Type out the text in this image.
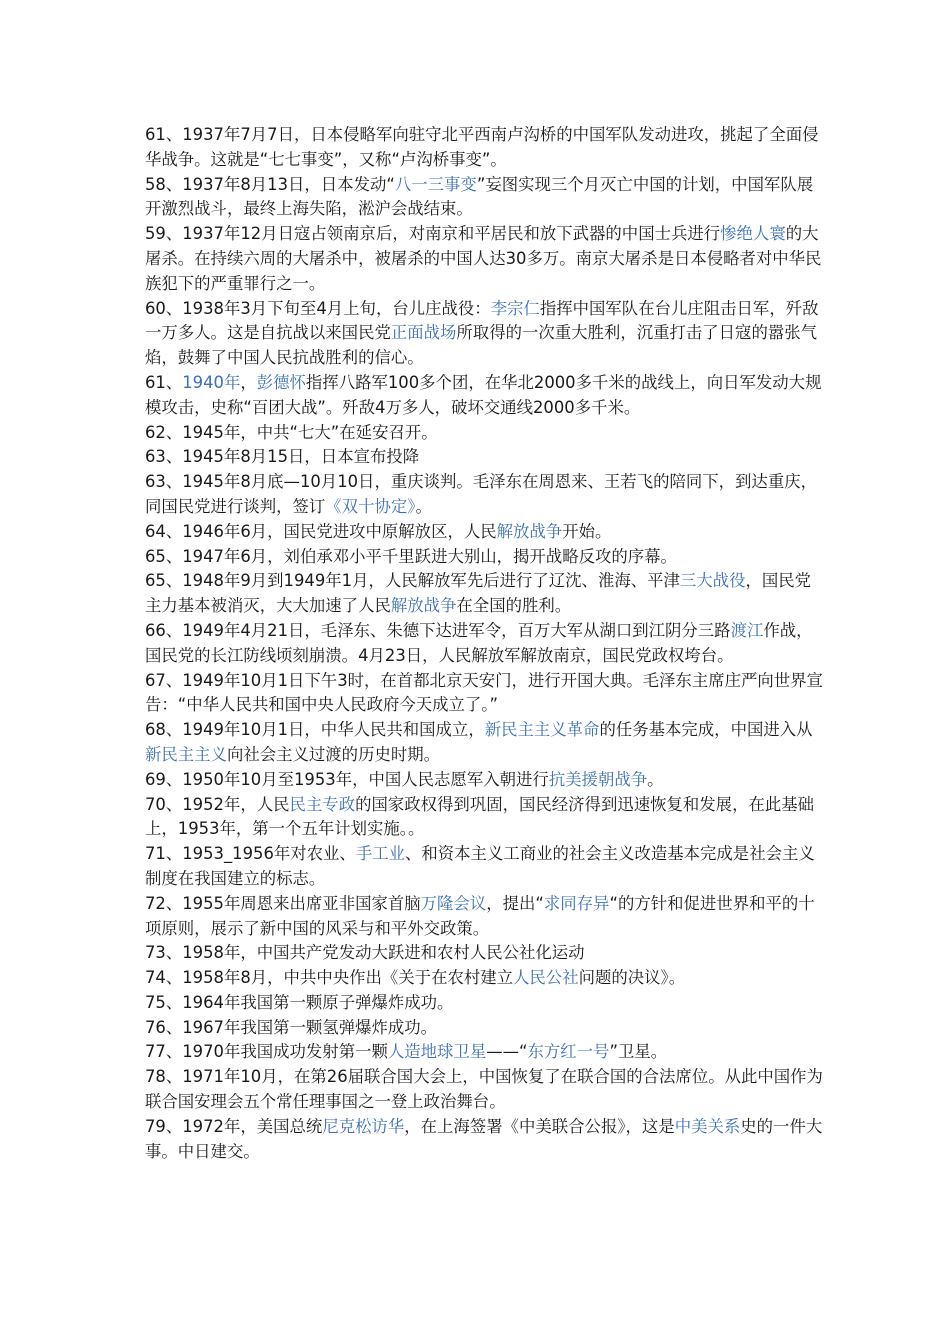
61、1937年7月7日，日本侵略军向驻守北平西南卢沟桥的中国军队发动进攻，挑起了全面侵华战争。这就是“七七事变”，又称“卢沟桥事变”。

58、1937年8月13日，日本发动“八一三事变”妄图实现三个月灭亡中国的计划，中国军队展开激烈战斗，最终上海失陷，淞沪会战结束。

59、1937年12月日寇占领南京后，对南京和平居民和放下武器的中国士兵进行惨绝人寰的大屠杀。在持续六周的大屠杀中，被屠杀的中国人达30多万。南京大屠杀是日本侵略者对中华民族犯下的严重罪行之一。

60、1938年3月下旬至4月上旬，台儿庄战役：李宗仁指挥中国军队在台儿庄阻击日军，歼敌一万多人。这是自抗战以来国民党正面战场所取得的一次重大胜利，沉重打击了日寇的嚣张气焰，鼓舞了中国人民抗战胜利的信心。

61、1940年，彭德怀指挥八路军100多个团，在华北2000多千米的战线上，向日军发动大规模攻击，史称“百团大战”。歼敌4万多人，破坏交通线2000多千米。

62、1945年，中共“七大”在延安召开。

63、1945年8月15日，日本宣布投降

63、1945年8月底—10月10日，重庆谈判。毛泽东在周恩来、王若飞的陪同下，到达重庆，同国民党进行谈判，签订《双十协定》。

64、1946年6月，国民党进攻中原解放区，人民解放战争开始。

65、1947年6月，刘伯承邓小平千里跃进大别山，揭开战略反攻的序幕。

65、1948年9月到1949年1月，人民解放军先后进行了辽沈、淮海、平津三大战役，国民党主力基本被消灭，大大加速了人民解放战争在全国的胜利。

66、1949年4月21日，毛泽东、朱德下达进军令，百万大军从湖口到江阴分三路渡江作战，国民党的长江防线顷刻崩溃。4月23日，人民解放军解放南京，国民党政权垮台。

67、1949年10月1日下午3时，在首都北京天安门，进行开国大典。毛泽东主席庄严向世界宣告：“中华人民共和国中央人民政府今天成立了。”

68、1949年10月1日，中华人民共和国成立，新民主主义革命的任务基本完成，中国进入从新民主主义向社会主义过渡的历史时期。

69、1950年10月至1953年，中国人民志愿军入朝进行抗美援朝战争。

70、1952年，人民民主专政的国家政权得到巩固，国民经济得到迅速恢复和发展，在此基础上，1953年，第一个五年计划实施。。

71、1953_1956年对农业、手工业、和资本主义工商业的社会主义改造基本完成是社会主义制度在我国建立的标志。

72、1955年周恩来出席亚非国家首脑万隆会议，提出“求同存异“的方针和促进世界和平的十项原则，展示了新中国的风采与和平外交政策。

73、1958年，中国共产党发动大跃进和农村人民公社化运动

74、1958年8月，中共中央作出《关于在农村建立人民公社问题的决议》。

75、1964年我国第一颗原子弹爆炸成功。

76、1967年我国第一颗氢弹爆炸成功。

77、1970年我国成功发射第一颗人造地球卫星——“东方红一号”卫星。

78、1971年10月，在第26届联合国大会上，中国恢复了在联合国的合法席位。从此中国作为联合国安理会五个常任理事国之一登上政治舞台。

79、1972年，美国总统尼克松访华，在上海签署《中美联合公报》，这是中美关系史的一件大事。中日建交。
